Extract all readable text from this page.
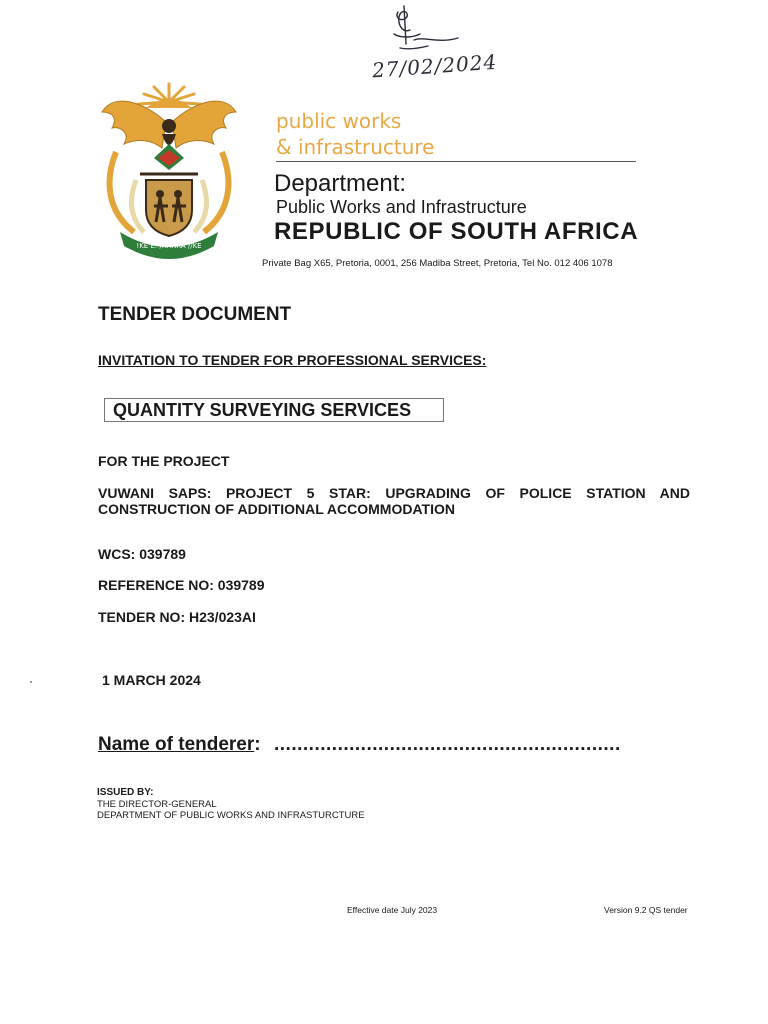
27/02/2024
!KE E: /XARRA //KE
public works
& infrastructure
Department:
Public Works and Infrastructure
REPUBLIC OF SOUTH AFRICA
Private Bag X65, Pretoria, 0001, 256 Madiba Street, Pretoria, Tel No. 012 406 1078
TENDER DOCUMENT
INVITATION TO TENDER FOR PROFESSIONAL SERVICES:
QUANTITY SURVEYING SERVICES
FOR THE PROJECT
VUWANI SAPS: PROJECT 5 STAR: UPGRADING OF POLICE STATION AND CONSTRUCTION OF ADDITIONAL ACCOMMODATION
WCS: 039789
REFERENCE NO: 039789
TENDER NO: H23/023AI
1 MARCH 2024
Name of tenderer: ............................................................
ISSUED BY:
THE DIRECTOR-GENERAL
DEPARTMENT OF PUBLIC WORKS AND INFRASTURCTURE
Effective date July 2023	Version 9.2 QS tender
